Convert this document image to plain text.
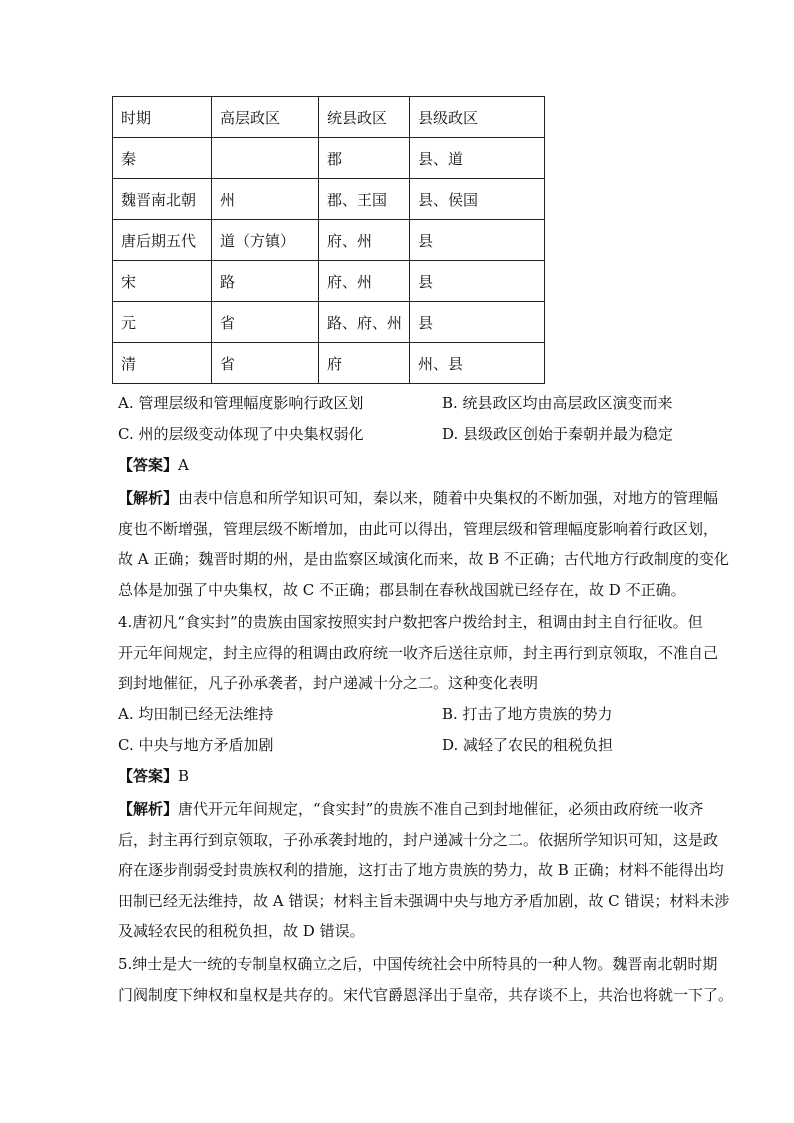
时期	高层政区	统县政区	县级政区
秦		郡	县、道
魏晋南北朝	州	郡、王国	县、侯国
唐后期五代	道（方镇）	府、州	县
宋	路	府、州	县
元	省	路、府、州	县
清	省	府	州、县
A. 管理层级和管理幅度影响行政区划	B. 统县政区均由高层政区演变而来
C. 州的层级变动体现了中央集权弱化	D. 县级政区创始于秦朝并最为稳定
【答案】A
【解析】由表中信息和所学知识可知，秦以来，随着中央集权的不断加强，对地方的管理幅
度也不断增强，管理层级不断增加，由此可以得出，管理层级和管理幅度影响着行政区划，
故 A 正确；魏晋时期的州，是由监察区域演化而来，故 B 不正确；古代地方行政制度的变化
总体是加强了中央集权，故 C 不正确；郡县制在春秋战国就已经存在，故 D 不正确。
4.唐初凡“食实封”的贵族由国家按照实封户数把客户拨给封主，租调由封主自行征收。但
开元年间规定，封主应得的租调由政府统一收齐后送往京师，封主再行到京领取，不准自己
到封地催征，凡子孙承袭者，封户递减十分之二。这种变化表明
A. 均田制已经无法维持	B. 打击了地方贵族的势力
C. 中央与地方矛盾加剧	D. 减轻了农民的租税负担
【答案】B
【解析】唐代开元年间规定，“食实封”的贵族不准自己到封地催征，必须由政府统一收齐
后，封主再行到京领取，子孙承袭封地的，封户递减十分之二。依据所学知识可知，这是政
府在逐步削弱受封贵族权利的措施，这打击了地方贵族的势力，故 B 正确；材料不能得出均
田制已经无法维持，故 A 错误；材料主旨未强调中央与地方矛盾加剧，故 C 错误；材料未涉
及减轻农民的租税负担，故 D 错误。
5.绅士是大一统的专制皇权确立之后，中国传统社会中所特具的一种人物。魏晋南北朝时期
门阀制度下绅权和皇权是共存的。宋代官爵恩泽出于皇帝，共存谈不上，共治也将就一下了。
